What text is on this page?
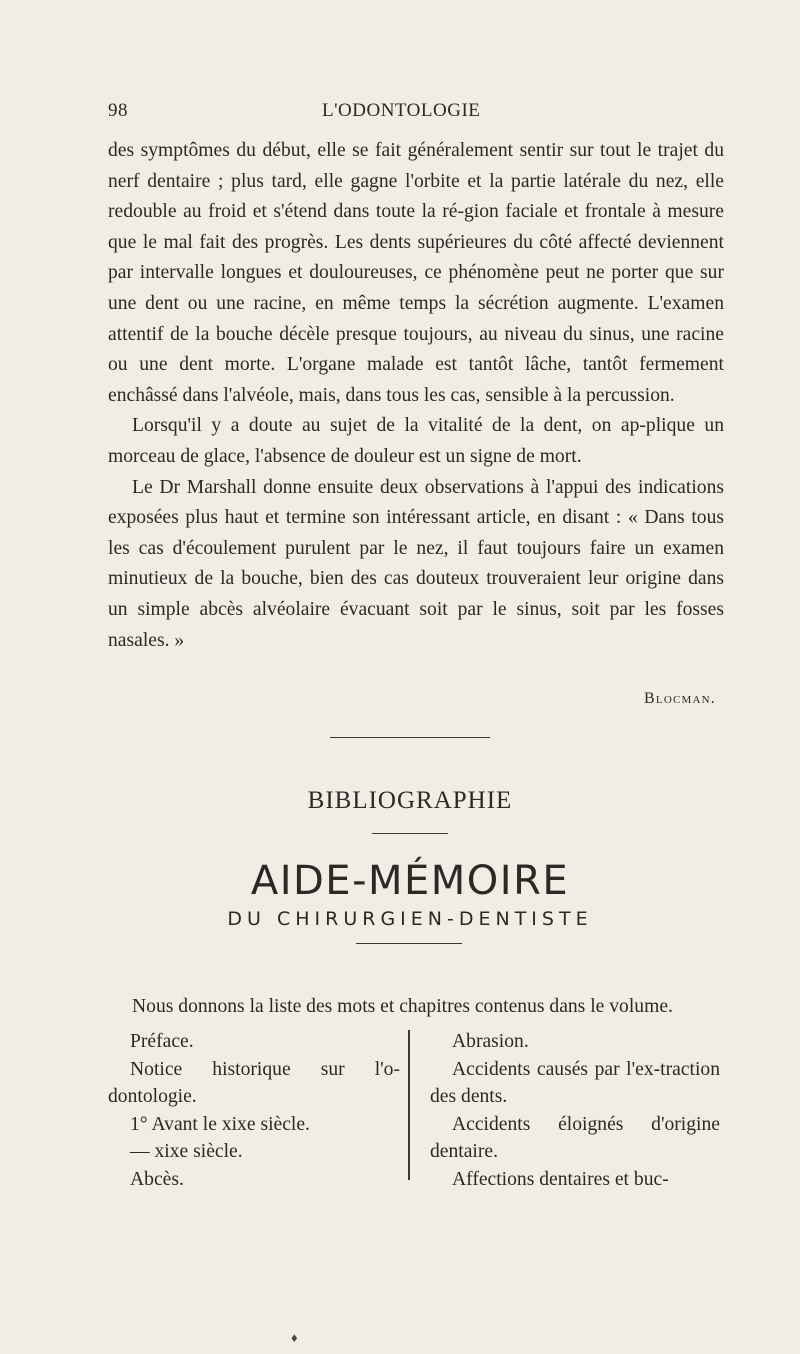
98	L'ODONTOLOGIE

des symptômes du début, elle se fait généralement sentir sur tout le trajet du nerf dentaire ; plus tard, elle gagne l'orbite et la partie latérale du nez, elle redouble au froid et s'étend dans toute la ré-gion faciale et frontale à mesure que le mal fait des progrès. Les dents supérieures du côté affecté deviennent par intervalle longues et douloureuses, ce phénomène peut ne porter que sur une dent ou une racine, en même temps la sécrétion augmente. L'examen attentif de la bouche décèle presque toujours, au niveau du sinus, une racine ou une dent morte. L'organe malade est tantôt lâche, tantôt fermement enchâssé dans l'alvéole, mais, dans tous les cas, sensible à la percussion.

Lorsqu'il y a doute au sujet de la vitalité de la dent, on ap-plique un morceau de glace, l'absence de douleur est un signe de mort.

Le Dr Marshall donne ensuite deux observations à l'appui des indications exposées plus haut et termine son intéressant article, en disant : « Dans tous les cas d'écoulement purulent par le nez, il faut toujours faire un examen minutieux de la bouche, bien des cas douteux trouveraient leur origine dans un simple abcès alvéolaire évacuant soit par le sinus, soit par les fosses nasales. »

Blocman.
BIBLIOGRAPHIE
AIDE-MÉMOIRE
DU CHIRURGIEN-DENTISTE

Nous donnons la liste des mots et chapitres contenus dans le volume.

Préface.

Notice historique sur l'o-dontologie.

1° Avant le xixe siècle.

— xixe siècle.

Abcès.

Abrasion.

Accidents causés par l'ex-traction des dents.

Accidents éloignés d'origine dentaire.

Affections dentaires et buc-

♦
